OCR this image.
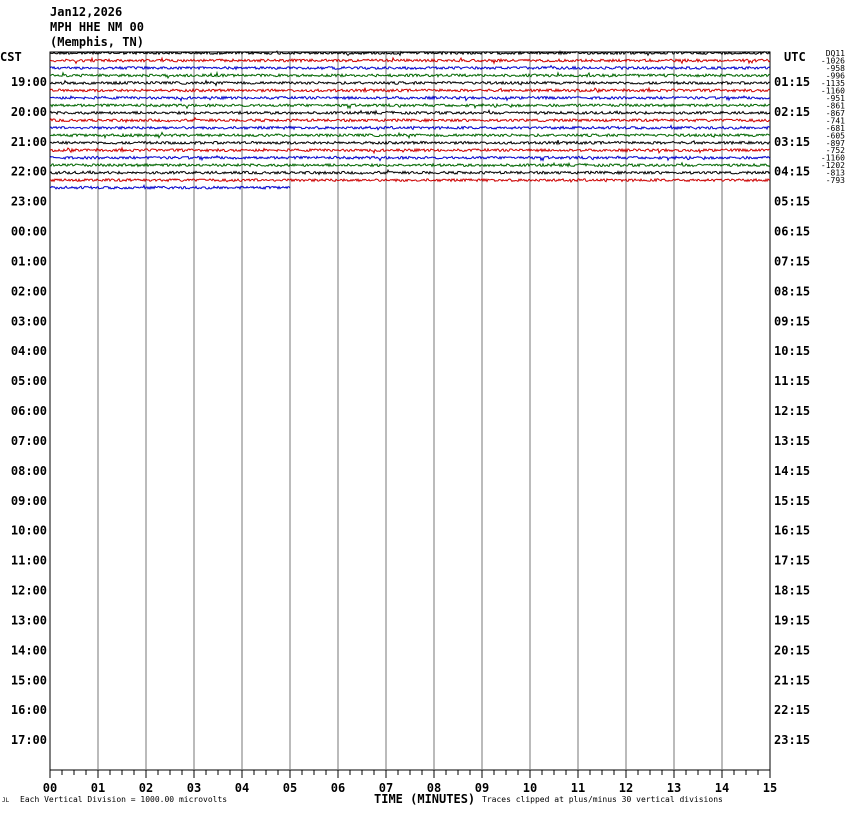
Jan12,2026
MPH HHE NM 00
(Memphis, TN)
00	01	02	03	04	05	06	07	08	09	10	11	12	13	14	15
CST	UTC
19:00
20:00
21:00
22:00
23:00
00:00
01:00
02:00
03:00
04:00
05:00
06:00
07:00
08:00
09:00
10:00
11:00
12:00
13:00
14:00
15:00
16:00
17:00
01:15
02:15
03:15
04:15
05:15
06:15
07:15
08:15
09:15
10:15
11:15
12:15
13:15
14:15
15:15
16:15
17:15
18:15
19:15
20:15
21:15
22:15
23:15
DQ11
-1026
-958
-996
-1135
-1160
-951
-861
-867
-741
-681
-605
-897
-752
-1160
-1202
-813
-793
JL Each Vertical Division = 1000.00 microvolts	TIME (MINUTES) Traces clipped at plus/minus 30 vertical divisions
